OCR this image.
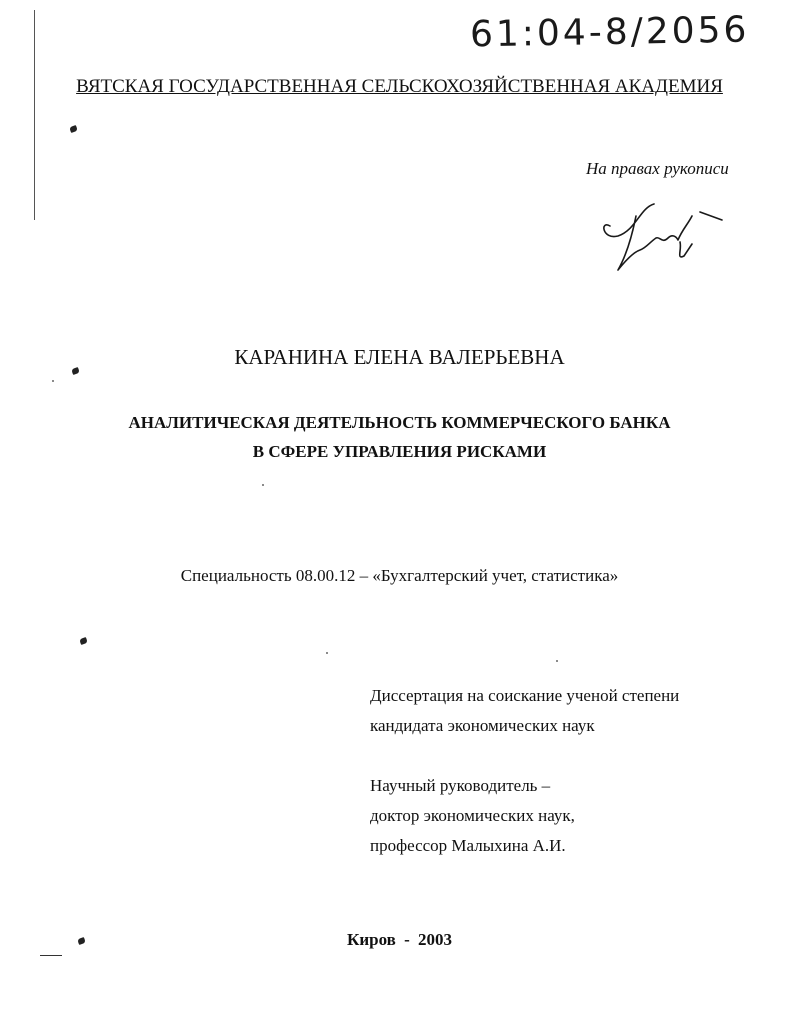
61:04-8/2056
ВЯТСКАЯ ГОСУДАРСТВЕННАЯ СЕЛЬСКОХОЗЯЙСТВЕННАЯ АКАДЕМИЯ
На правах рукописи
КАРАНИНА ЕЛЕНА ВАЛЕРЬЕВНА
АНАЛИТИЧЕСКАЯ ДЕЯТЕЛЬНОСТЬ КОММЕРЧЕСКОГО БАНКА
В СФЕРЕ УПРАВЛЕНИЯ РИСКАМИ
Специальность 08.00.12 – «Бухгалтерский учет, статистика»
Диссертация на соискание ученой степени
кандидата экономических наук
Научный руководитель –
доктор экономических наук,
профессор Малыхина А.И.
Киров - 2003
